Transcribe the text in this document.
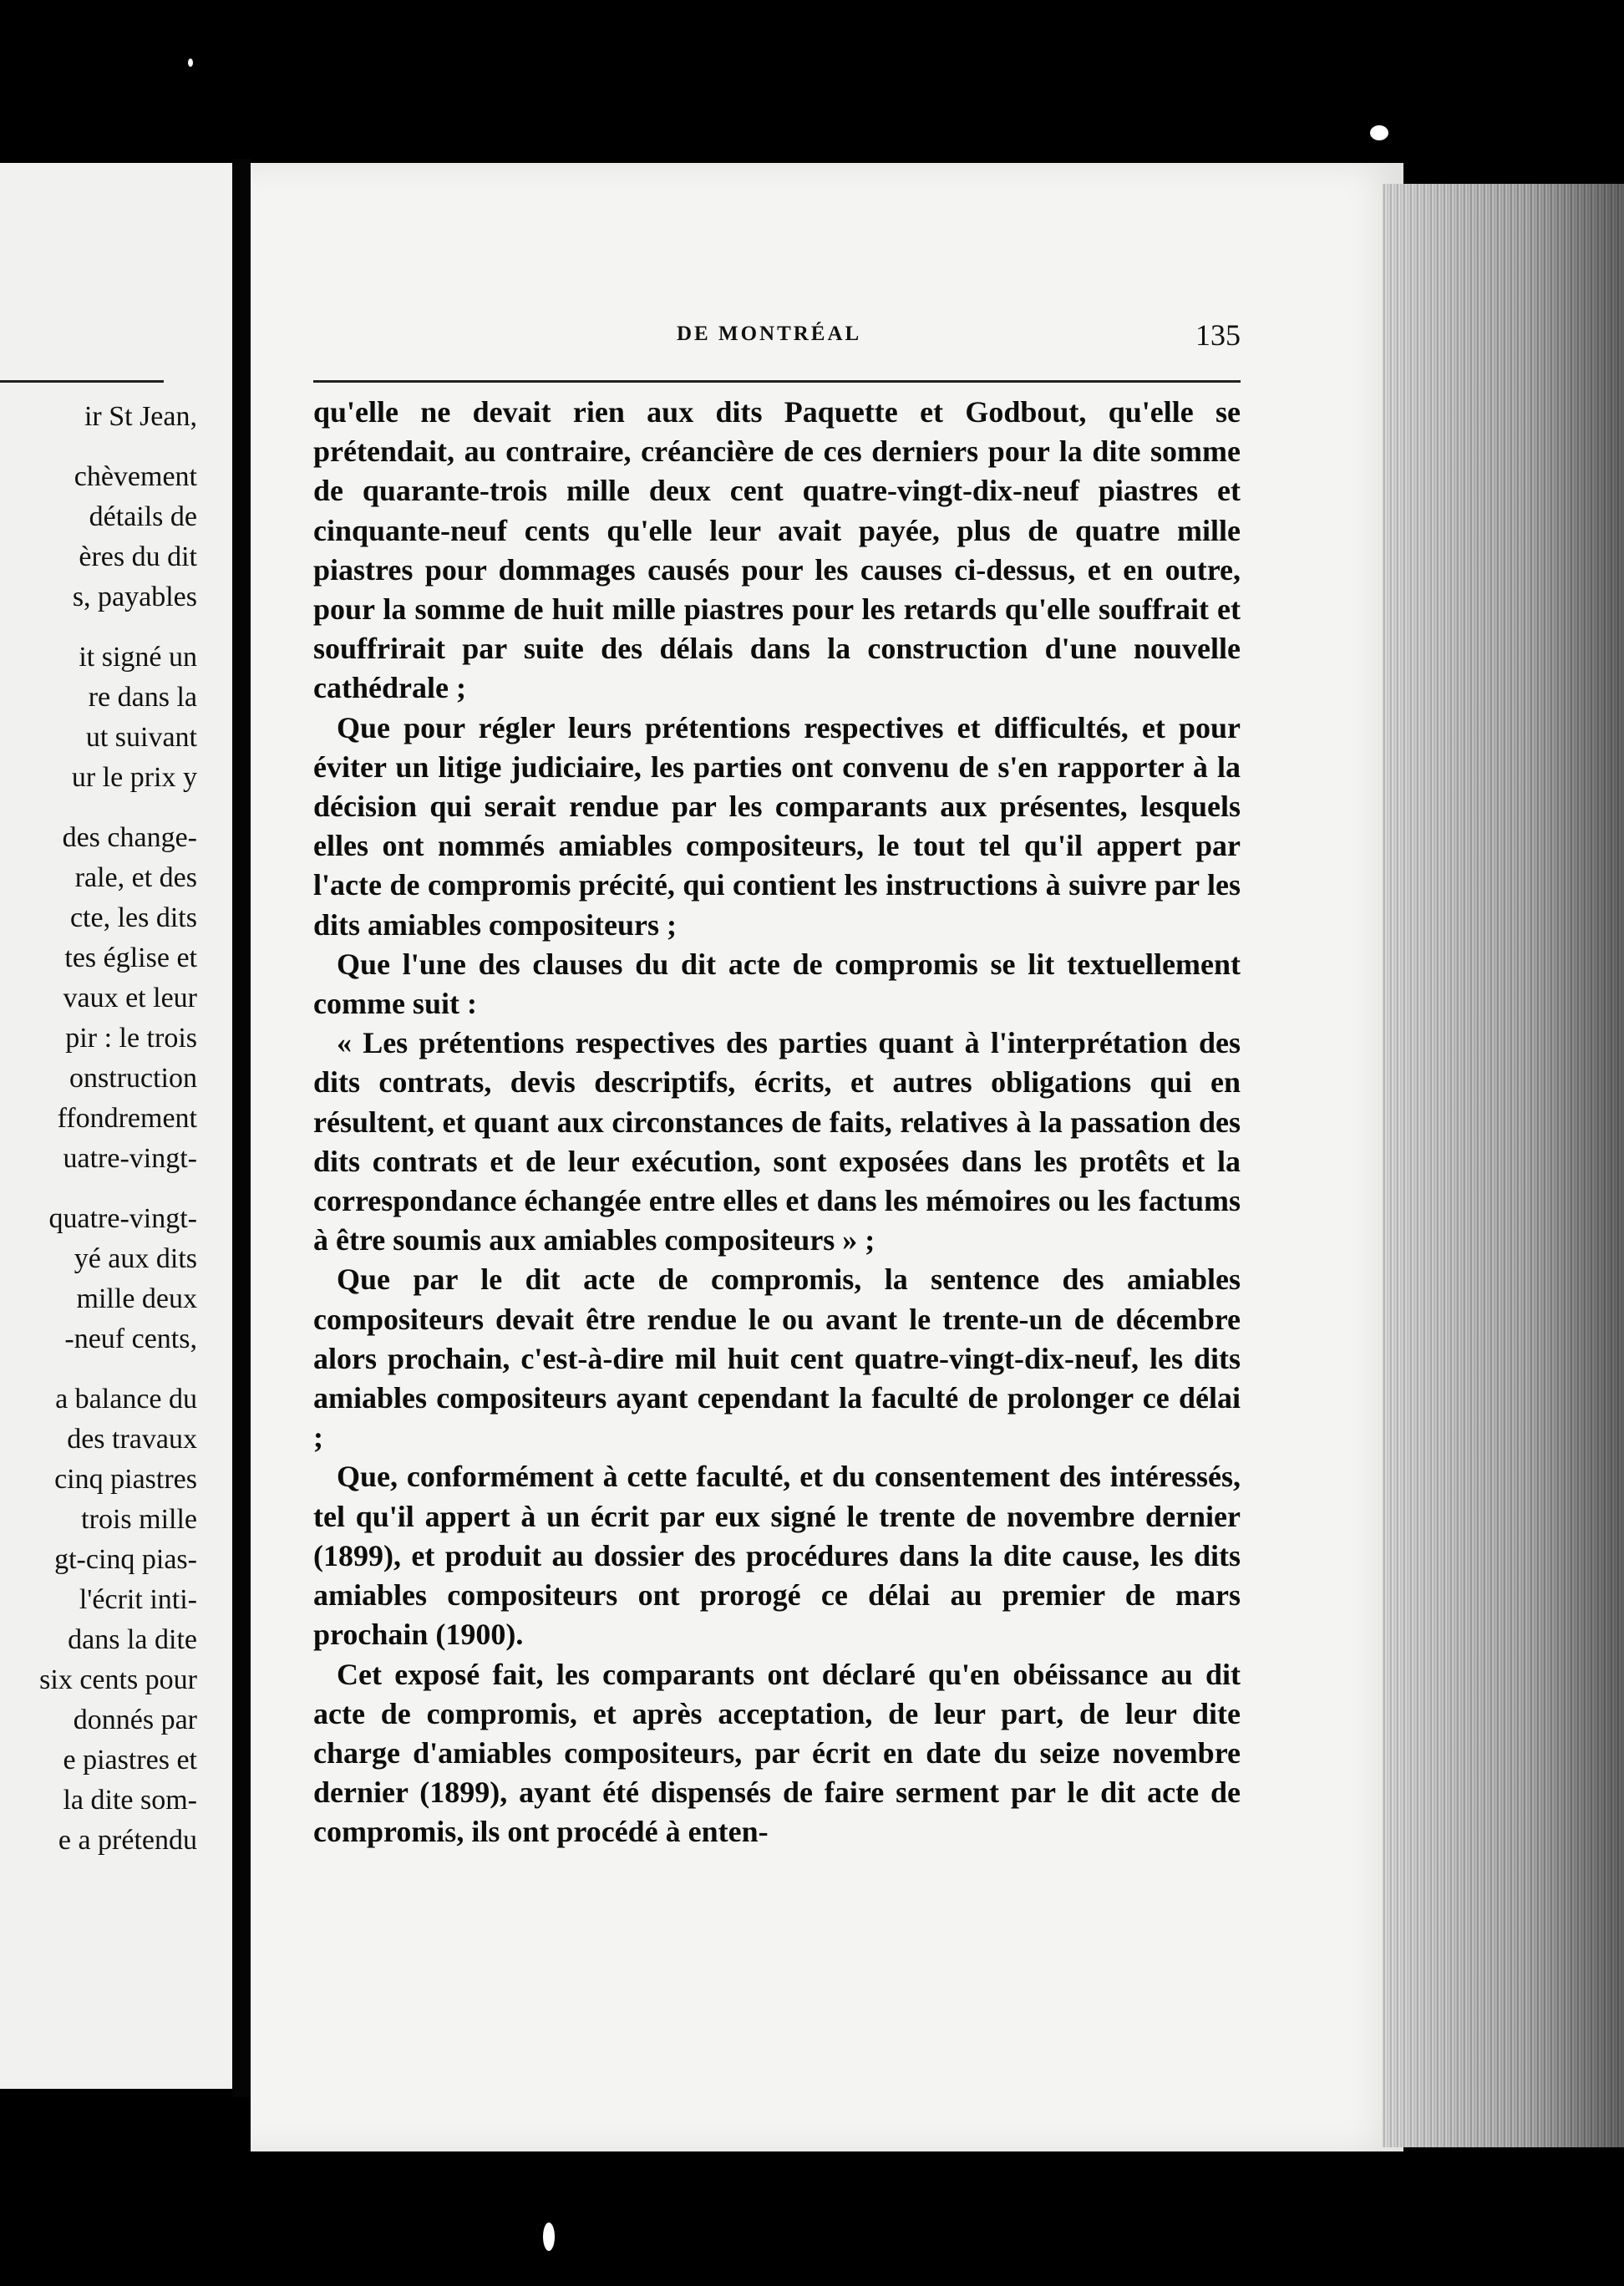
ir St Jean,
chèvement
détails de
ères du dit
s, payables
it signé un
re dans la
ut suivant
ur le prix y
des change-
rale, et des
cte, les dits
tes église et
vaux et leur
pir : le trois
onstruction
ffondrement
uatre-vingt-
quatre-vingt-
yé aux dits
mille deux
-neuf cents,
a balance du
des travaux
cinq piastres
trois mille
gt-cinq pias-
l'écrit inti-
dans la dite
six cents pour
donnés par
e piastres et
la dite som-
e a prétendu
DE MONTRÉAL	135

qu'elle ne devait rien aux dits Paquette et Godbout, qu'elle se prétendait, au contraire, créancière de ces derniers pour la dite somme de quarante-trois mille deux cent quatre-vingt-dix-neuf piastres et cinquante-neuf cents qu'elle leur avait payée, plus de quatre mille piastres pour dommages causés pour les causes ci-dessus, et en outre, pour la somme de huit mille piastres pour les retards qu'elle souffrait et souffrirait par suite des délais dans la construction d'une nouvelle cathédrale ;

Que pour régler leurs prétentions respectives et difficultés, et pour éviter un litige judiciaire, les parties ont convenu de s'en rapporter à la décision qui serait rendue par les comparants aux présentes, lesquels elles ont nommés amiables compositeurs, le tout tel qu'il appert par l'acte de compromis précité, qui contient les instructions à suivre par les dits amiables compositeurs ;

Que l'une des clauses du dit acte de compromis se lit textuellement comme suit :

« Les prétentions respectives des parties quant à l'interprétation des dits contrats, devis descriptifs, écrits, et autres obligations qui en résultent, et quant aux circonstances de faits, relatives à la passation des dits contrats et de leur exécution, sont exposées dans les protêts et la correspondance échangée entre elles et dans les mémoires ou les factums à être soumis aux amiables compositeurs » ;

Que par le dit acte de compromis, la sentence des amiables compositeurs devait être rendue le ou avant le trente-un de décembre alors prochain, c'est-à-dire mil huit cent quatre-vingt-dix-neuf, les dits amiables compositeurs ayant cependant la faculté de prolonger ce délai ;

Que, conformément à cette faculté, et du consentement des intéressés, tel qu'il appert à un écrit par eux signé le trente de novembre dernier (1899), et produit au dossier des procédures dans la dite cause, les dits amiables compositeurs ont prorogé ce délai au premier de mars prochain (1900).

Cet exposé fait, les comparants ont déclaré qu'en obéissance au dit acte de compromis, et après acceptation, de leur part, de leur dite charge d'amiables compositeurs, par écrit en date du seize novembre dernier (1899), ayant été dispensés de faire serment par le dit acte de compromis, ils ont procédé à enten-
